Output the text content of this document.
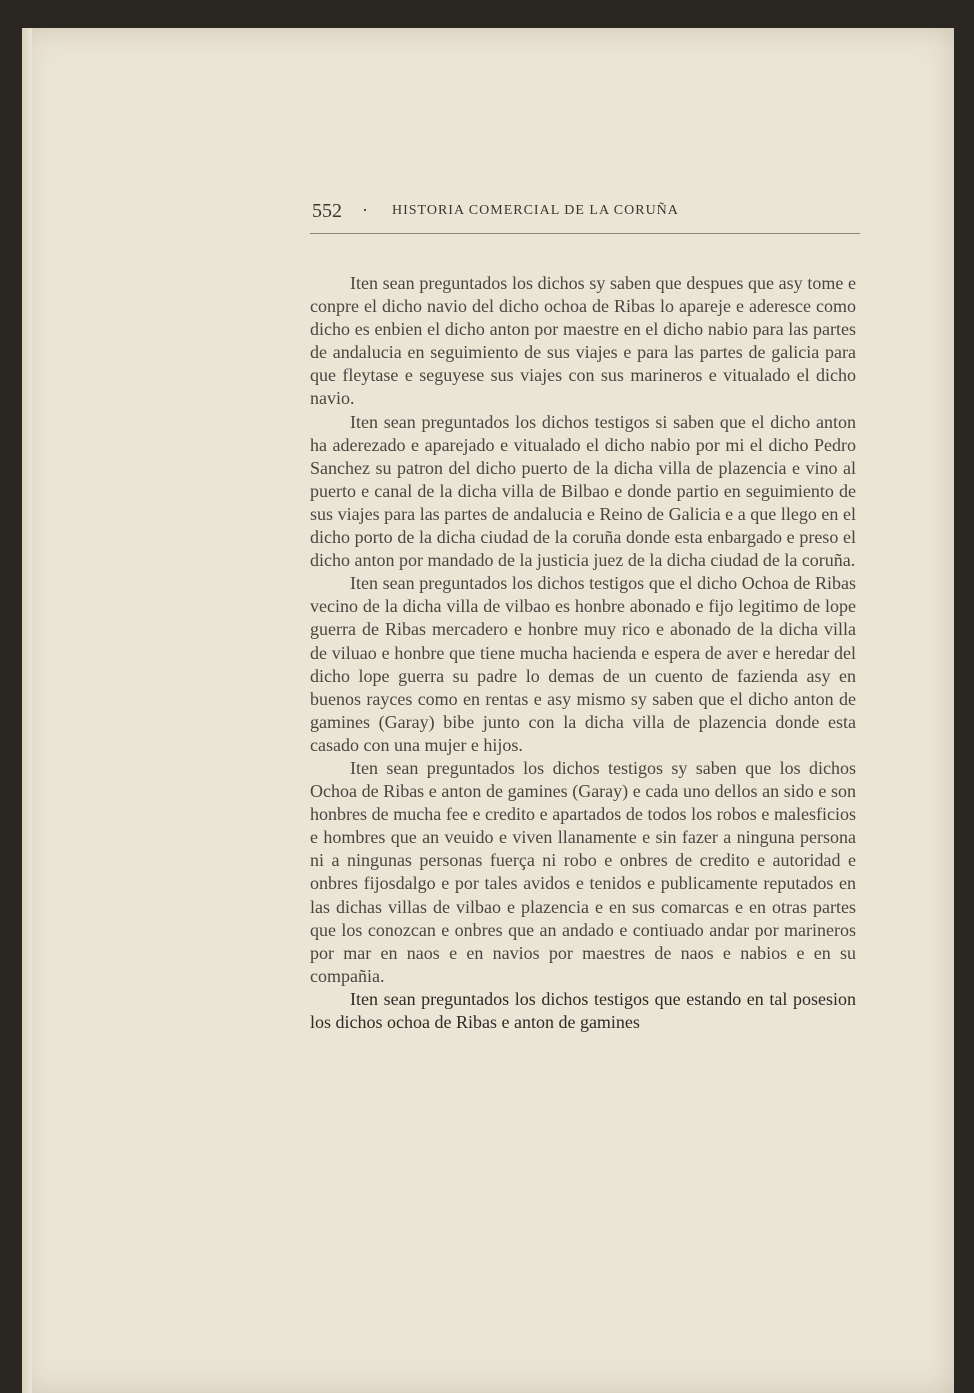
552 · HISTORIA COMERCIAL DE LA CORUÑA

Iten sean preguntados los dichos sy saben que despues que asy tome e conpre el dicho navio del dicho ochoa de Ribas lo apareje e aderesce como dicho es enbien el dicho anton por maestre en el dicho nabio para las partes de andalucia en seguimiento de sus viajes e para las partes de galicia para que fleytase e seguyese sus viajes con sus marineros e vitualado el dicho navio.

Iten sean preguntados los dichos testigos si saben que el dicho anton ha aderezado e aparejado e vitualado el dicho nabio por mi el dicho Pedro Sanchez su patron del dicho puerto de la dicha villa de plazencia e vino al puerto e canal de la dicha villa de Bilbao e donde partio en seguimiento de sus viajes para las partes de andalucia e Reino de Galicia e a que llego en el dicho porto de la dicha ciudad de la coruña donde esta enbargado e preso el dicho anton por mandado de la justicia juez de la dicha ciudad de la coruña.

Iten sean preguntados los dichos testigos que el dicho Ochoa de Ribas vecino de la dicha villa de vilbao es honbre abonado e fijo legitimo de lope guerra de Ribas mercadero e honbre muy rico e abonado de la dicha villa de viluao e honbre que tiene mucha hacienda e espera de aver e heredar del dicho lope guerra su padre lo demas de un cuento de fazienda asy en buenos rayces como en rentas e asy mismo sy saben que el dicho anton de gamines (Garay) bibe junto con la dicha villa de plazencia donde esta casado con una mujer e hijos.

Iten sean preguntados los dichos testigos sy saben que los dichos Ochoa de Ribas e anton de gamines (Garay) e cada uno dellos an sido e son honbres de mucha fee e credito e apartados de todos los robos e malesficios e hombres que an veuido e viven llanamente e sin fazer a ninguna persona ni a ningunas personas fuerça ni robo e onbres de credito e autoridad e onbres fijosdalgo e por tales avidos e tenidos e publicamente reputados en las dichas villas de vilbao e plazencia e en sus comarcas e en otras partes que los conozcan e onbres que an andado e contiuado andar por marineros por mar en naos e en navios por maestres de naos e nabios e en su compañia.

Iten sean preguntados los dichos testigos que estando en tal posesion los dichos ochoa de Ribas e anton de gamines
